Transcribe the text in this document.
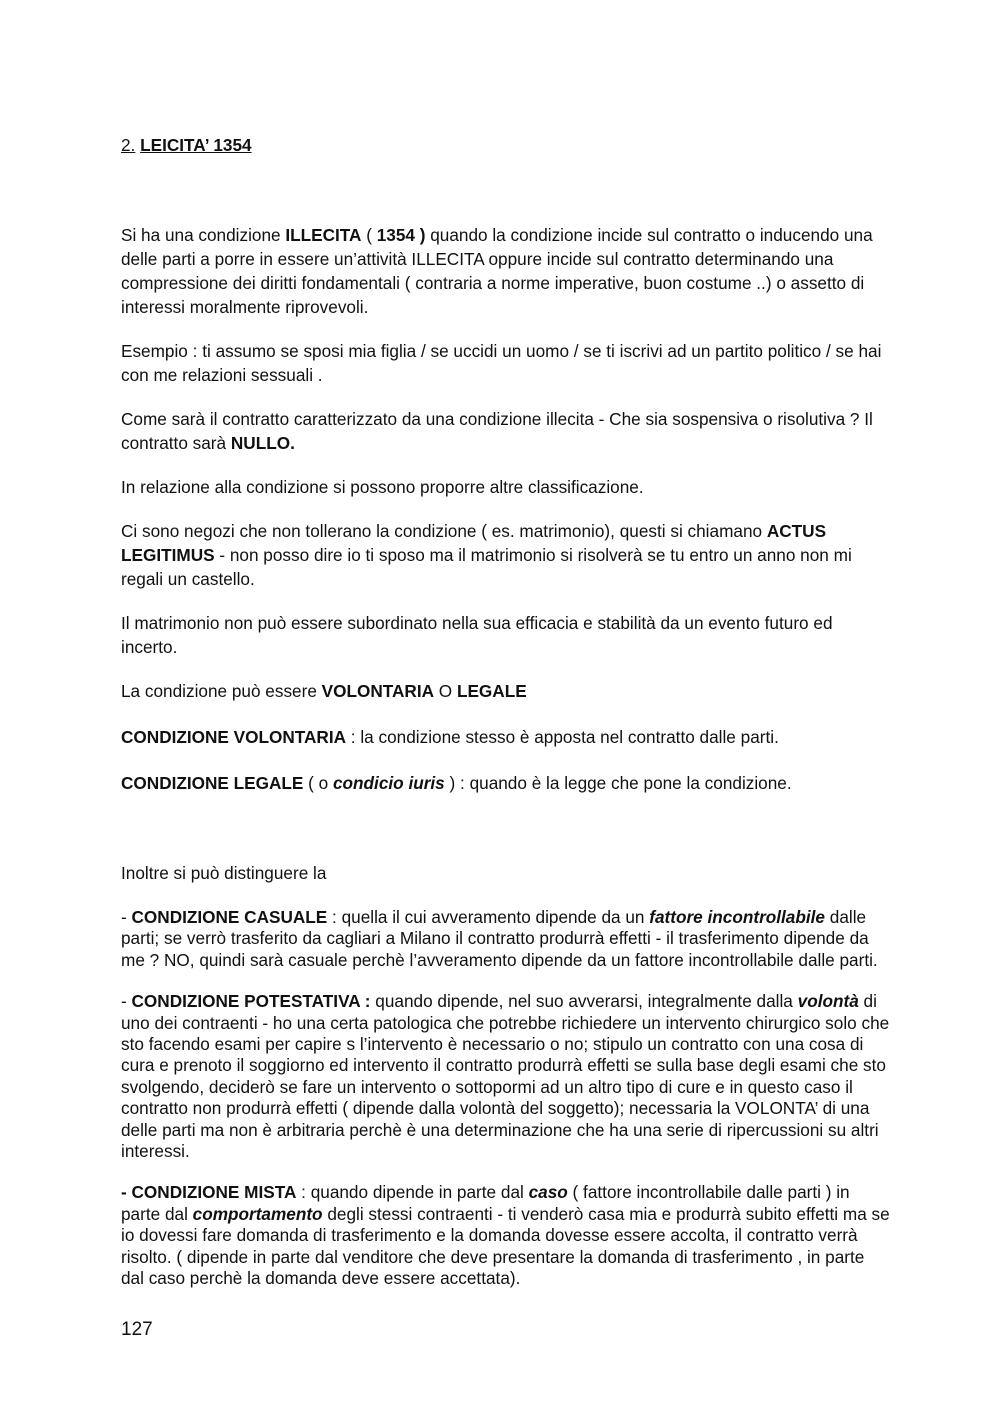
2. LEICITA’ 1354

Si ha una condizione ILLECITA ( 1354 ) quando la condizione incide sul contratto o inducendo una delle parti a porre in essere un’attività ILLECITA oppure incide sul contratto determinando una compressione dei diritti fondamentali ( contraria a norme imperative, buon costume ..) o assetto di interessi moralmente riprovevoli.

Esempio : ti assumo se sposi mia figlia / se uccidi un uomo / se ti iscrivi ad un partito politico / se hai con me relazioni sessuali .

Come sarà il contratto caratterizzato da una condizione illecita - Che sia sospensiva o risolutiva ? Il contratto sarà NULLO.

In relazione alla condizione si possono proporre altre classificazione.

Ci sono negozi che non tollerano la condizione ( es. matrimonio), questi si chiamano ACTUS LEGITIMUS - non posso dire io ti sposo ma il matrimonio si risolverà se tu entro un anno non mi regali un castello.

Il matrimonio non può essere subordinato nella sua efficacia e stabilità da un evento futuro ed incerto.

La condizione può essere VOLONTARIA O LEGALE

CONDIZIONE VOLONTARIA : la condizione stesso è apposta nel contratto dalle parti.

CONDIZIONE LEGALE ( o condicio iuris ) : quando è la legge che pone la condizione.

Inoltre si può distinguere la

- CONDIZIONE CASUALE : quella il cui avveramento dipende da un fattore incontrollabile dalle parti; se verrò trasferito da cagliari a Milano il contratto produrrà effetti - il trasferimento dipende da me ? NO, quindi sarà casuale perchè l’avveramento dipende da un fattore incontrollabile dalle parti.

- CONDIZIONE POTESTATIVA : quando dipende, nel suo avverarsi, integralmente dalla volontà di uno dei contraenti - ho una certa patologica che potrebbe richiedere un intervento chirurgico solo che sto facendo esami per capire s l’intervento è necessario o no; stipulo un contratto con una cosa di cura e prenoto il soggiorno ed intervento il contratto produrrà effetti se sulla base degli esami che sto svolgendo, deciderò se fare un intervento o sottopormi ad un altro tipo di cure e in questo caso il contratto non produrrà effetti ( dipende dalla volontà del soggetto); necessaria la VOLONTA’ di una delle parti ma non è arbitraria perchè è una determinazione che ha una serie di ripercussioni su altri interessi.

- CONDIZIONE MISTA : quando dipende in parte dal caso ( fattore incontrollabile dalle parti ) in parte dal comportamento degli stessi contraenti - ti venderò casa mia e produrrà subito effetti ma se io dovessi fare domanda di trasferimento e la domanda dovesse essere accolta, il contratto verrà risolto. ( dipende in parte dal venditore che deve presentare la domanda di trasferimento , in parte dal caso perchè la domanda deve essere accettata).

127
